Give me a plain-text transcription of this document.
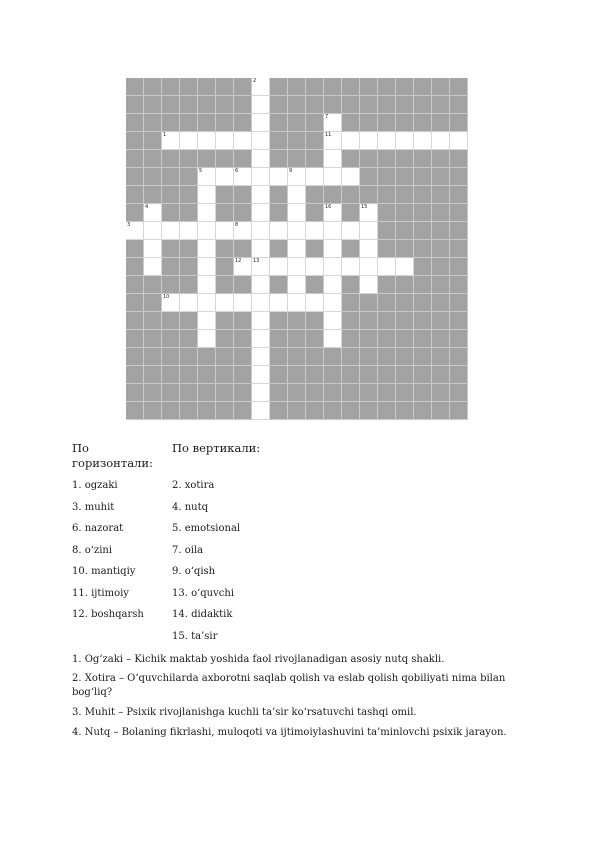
2
7
1	11
5	6	9
4	16	15
3	8
12 13
10
По горизонтали:
1. ogzaki
3. muhit
6. nazorat
8. o‘zini
10. mantiqiy
11. ijtimoiy
12. boshqarsh
По вертикали:
2. xotira
4. nutq
5. emotsional
7. oila
9. o‘qish
13. o‘quvchi
14. didaktik
15. ta’sir
1. Og‘zaki – Kichik maktab yoshida faol rivojlanadigan asosiy nutq shakli.
2. Xotira – O‘quvchilarda axborotni saqlab qolish va eslab qolish qobiliyati nima bilan bog‘liq?
3. Muhit – Psixik rivojlanishga kuchli ta’sir ko‘rsatuvchi tashqi omil.
4. Nutq – Bolaning fikrlashi, muloqoti va ijtimoiylashuvini ta’minlovchi psixik jarayon.
